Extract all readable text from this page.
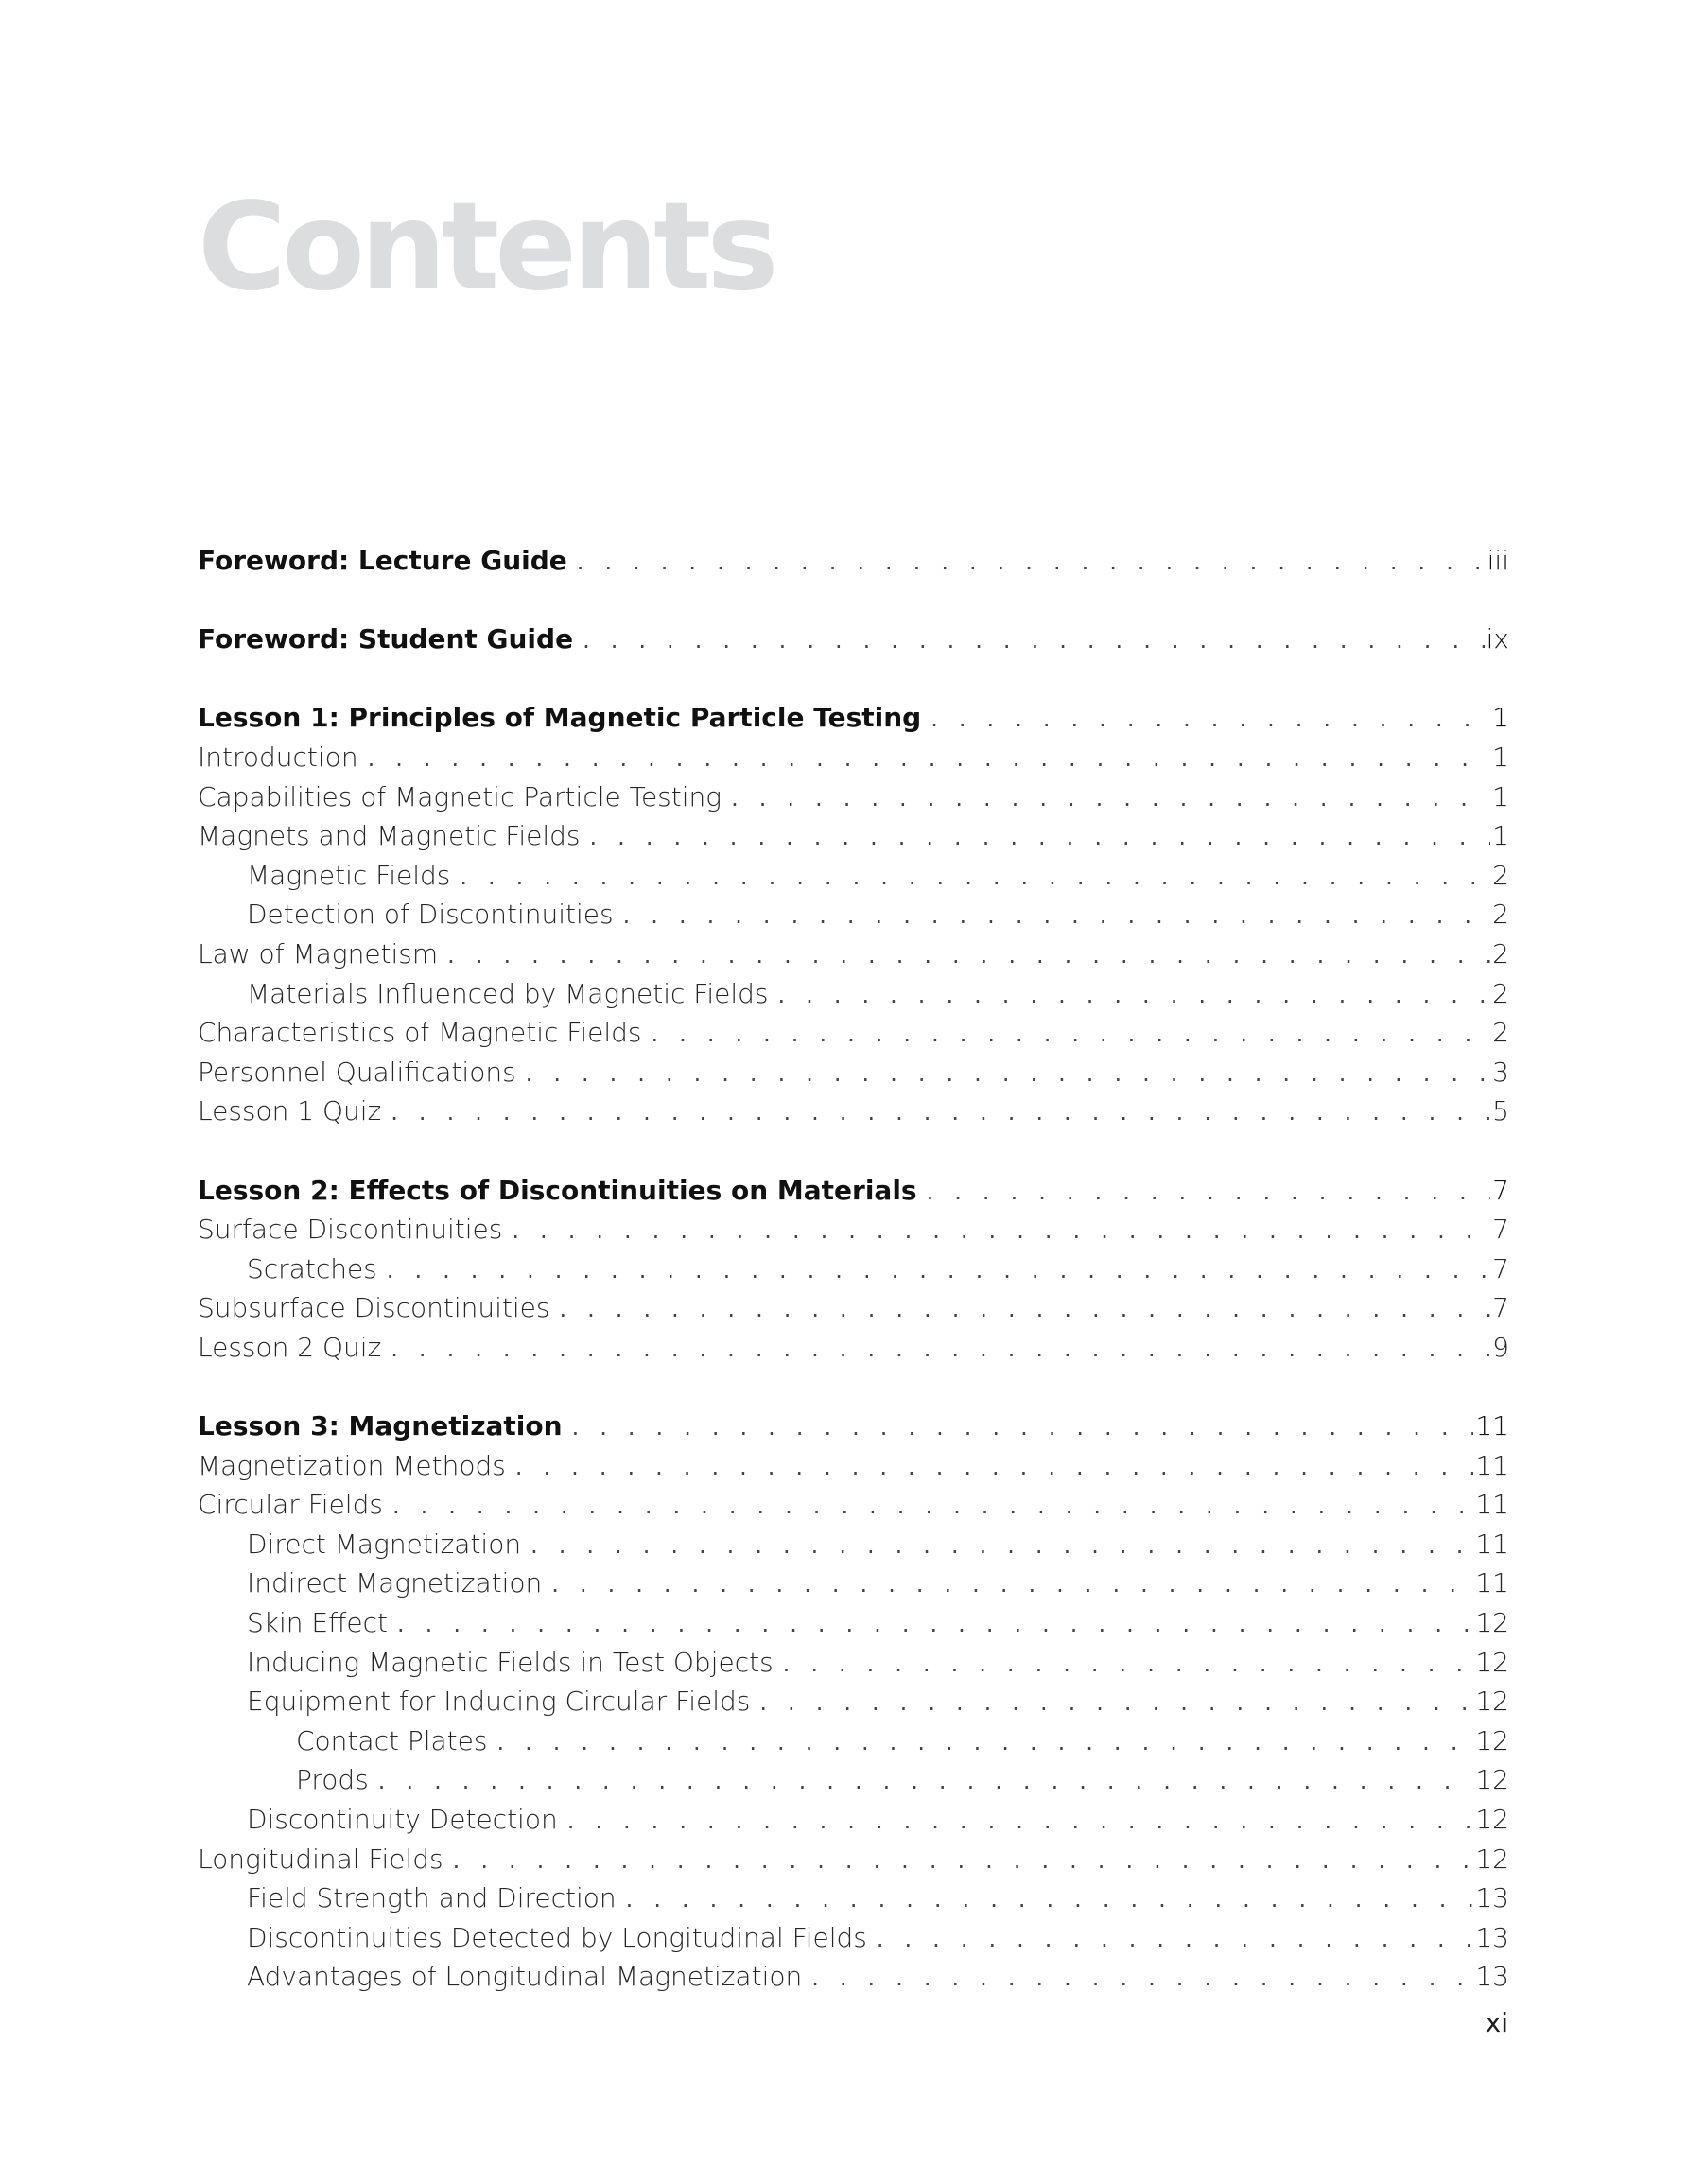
Contents
Foreword: Lecture Guide . . .	iii
Foreword: Student Guide . . .	ix
Lesson 1: Principles of Magnetic Particle Testing . . .	1
Introduction . . .	1
Capabilities of Magnetic Particle Testing . . .	1
Magnets and Magnetic Fields . . .	1
Magnetic Fields . . .	2
Detection of Discontinuities . . .	2
Law of Magnetism . . .	2
Materials Influenced by Magnetic Fields . . .	2
Characteristics of Magnetic Fields . . .	2
Personnel Qualifications . . .	3
Lesson 1 Quiz . . .	5
Lesson 2: Effects of Discontinuities on Materials . . .	7
Surface Discontinuities . . .	7
Scratches . . .	7
Subsurface Discontinuities . . .	7
Lesson 2 Quiz . . .	9
Lesson 3: Magnetization . . .	11
Magnetization Methods . . .	11
Circular Fields . . .	11
Direct Magnetization . . .	11
Indirect Magnetization . . .	11
Skin Effect . . .	12
Inducing Magnetic Fields in Test Objects . . .	12
Equipment for Inducing Circular Fields . . .	12
Contact Plates . . .	12
Prods . . .	12
Discontinuity Detection . . .	12
Longitudinal Fields . . .	12
Field Strength and Direction . . .	13
Discontinuities Detected by Longitudinal Fields . . .	13
Advantages of Longitudinal Magnetization . . .	13
xi
